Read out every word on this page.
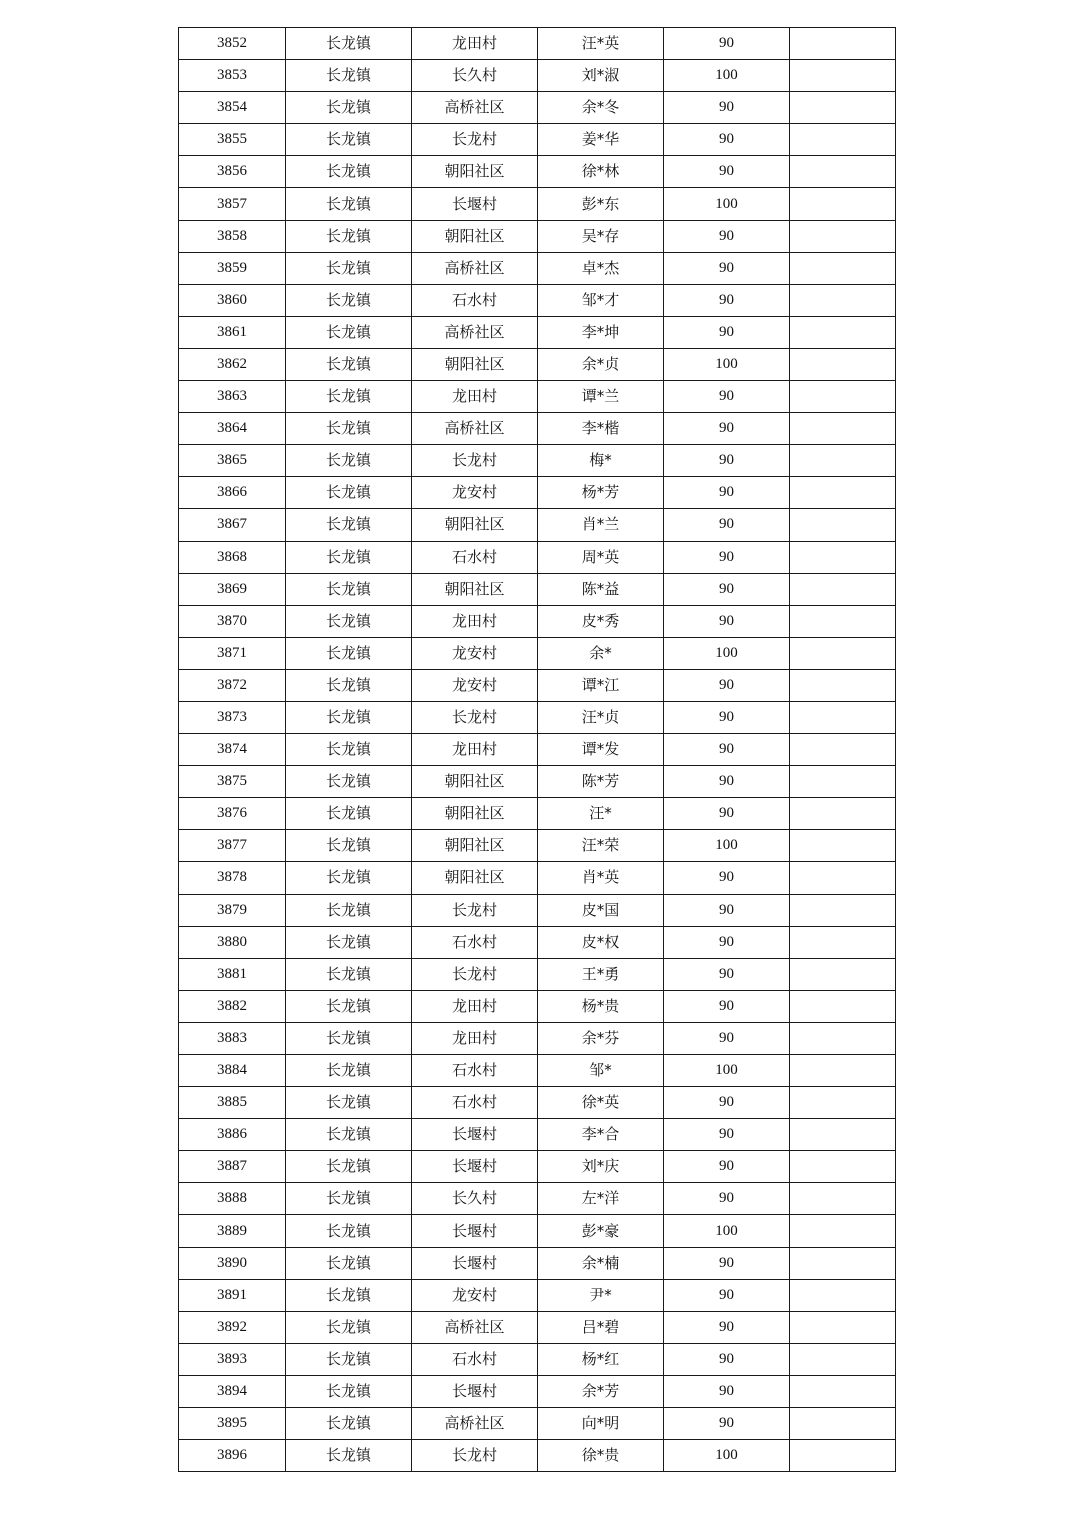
3852	长龙镇	龙田村	汪*英	90	
3853	长龙镇	长久村	刘*淑	100	
3854	长龙镇	高桥社区	余*冬	90	
3855	长龙镇	长龙村	姜*华	90	
3856	长龙镇	朝阳社区	徐*林	90	
3857	长龙镇	长堰村	彭*东	100	
3858	长龙镇	朝阳社区	吴*存	90	
3859	长龙镇	高桥社区	卓*杰	90	
3860	长龙镇	石水村	邹*才	90	
3861	长龙镇	高桥社区	李*坤	90	
3862	长龙镇	朝阳社区	余*贞	100	
3863	长龙镇	龙田村	谭*兰	90	
3864	长龙镇	高桥社区	李*楷	90	
3865	长龙镇	长龙村	梅*	90	
3866	长龙镇	龙安村	杨*芳	90	
3867	长龙镇	朝阳社区	肖*兰	90	
3868	长龙镇	石水村	周*英	90	
3869	长龙镇	朝阳社区	陈*益	90	
3870	长龙镇	龙田村	皮*秀	90	
3871	长龙镇	龙安村	余*	100	
3872	长龙镇	龙安村	谭*江	90	
3873	长龙镇	长龙村	汪*贞	90	
3874	长龙镇	龙田村	谭*发	90	
3875	长龙镇	朝阳社区	陈*芳	90	
3876	长龙镇	朝阳社区	汪*	90	
3877	长龙镇	朝阳社区	汪*荣	100	
3878	长龙镇	朝阳社区	肖*英	90	
3879	长龙镇	长龙村	皮*国	90	
3880	长龙镇	石水村	皮*权	90	
3881	长龙镇	长龙村	王*勇	90	
3882	长龙镇	龙田村	杨*贵	90	
3883	长龙镇	龙田村	余*芬	90	
3884	长龙镇	石水村	邹*	100	
3885	长龙镇	石水村	徐*英	90	
3886	长龙镇	长堰村	李*合	90	
3887	长龙镇	长堰村	刘*庆	90	
3888	长龙镇	长久村	左*洋	90	
3889	长龙镇	长堰村	彭*豪	100	
3890	长龙镇	长堰村	余*楠	90	
3891	长龙镇	龙安村	尹*	90	
3892	长龙镇	高桥社区	吕*碧	90	
3893	长龙镇	石水村	杨*红	90	
3894	长龙镇	长堰村	余*芳	90	
3895	长龙镇	高桥社区	向*明	90	
3896	长龙镇	长龙村	徐*贵	100	
